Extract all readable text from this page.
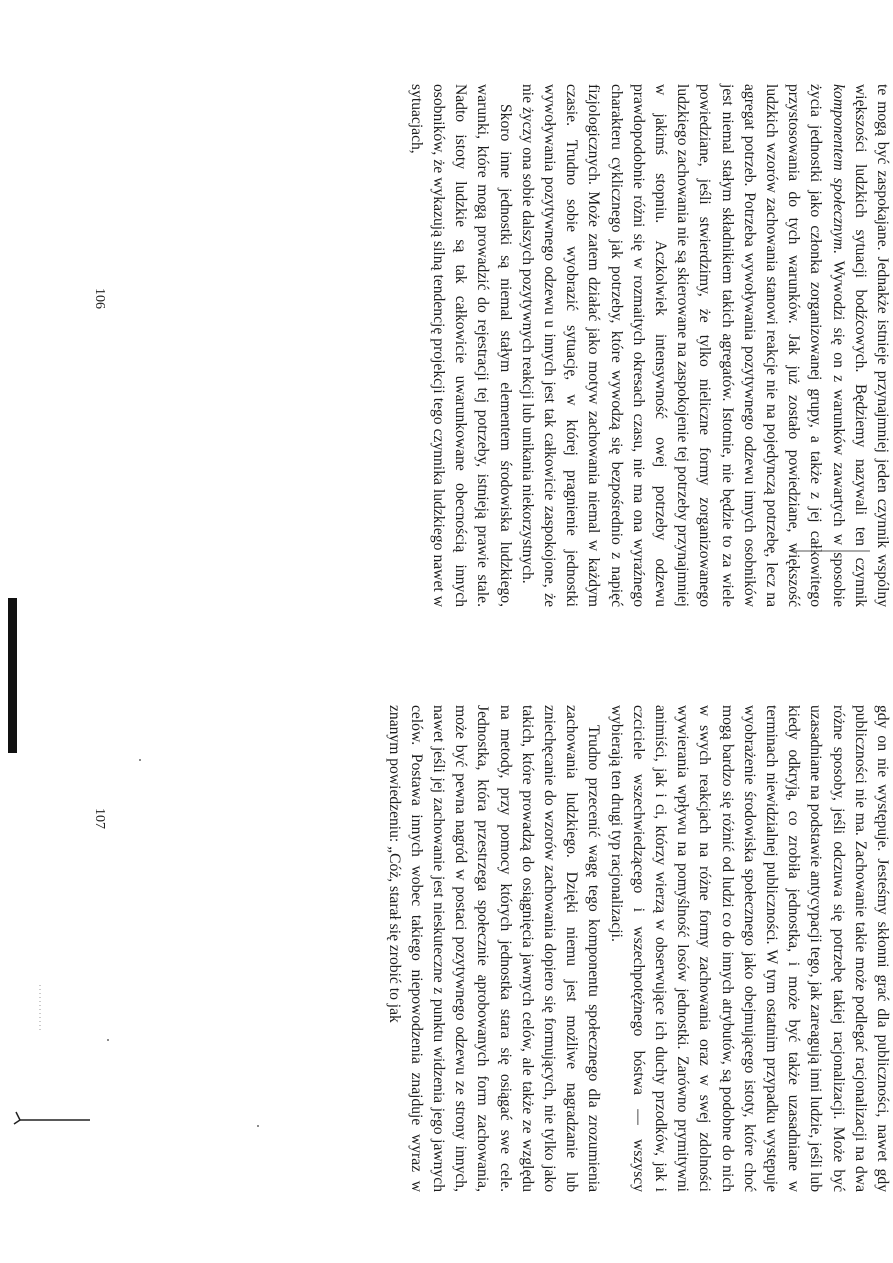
te mogą być zaspokajane. Jednakże istnieje przynajmniej jeden czynnik wspólny większości ludzkich sytuacji bodźcowych. Będziemy nazywali ten czynnik komponentem społecznym. Wywodzi się on z warunków zawartych w sposobie życia jednostki jako członka zorganizowanej grupy, a także z jej całkowitego przystosowania do tych warunków. Jak już zostało powiedziane, większość ludzkich wzorów zachowania stanowi reakcje nie na pojedynczą potrzebę, lecz na agregat potrzeb. Potrzeba wywoływania pozytywnego odzewu innych osobników jest niemal stałym składnikiem takich agregatów. Istotnie, nie będzie to za wiele powiedziane, jeśli stwierdzimy, że tylko nieliczne formy zorganizowanego ludzkiego zachowania nie są skierowane na zaspokojenie tej potrzeby przynajmniej w jakimś stopniu. Aczkolwiek intensywność owej potrzeby odzewu prawdopodobnie różni się w rozmaitych okresach czasu, nie ma ona wyraźnego charakteru cyklicznego jak potrzeby, które wywodzą się bezpośrednio z napięć fizjologicznych. Może zatem działać jako motyw zachowania niemal w każdym czasie. Trudno sobie wyobrazić sytuację, w której pragnienie jednostki wywoływania pozytywnego odzewu u innych jest tak całkowicie zaspokojone, że nie życzy ona sobie dalszych pozytywnych reakcji lub unikania niekorzystnych.

Skoro inne jednostki są niemal stałym elementem środowiska ludzkiego, warunki, które mogą prowadzić do rejestracji tej potrzeby, istnieją prawie stale. Nadto istoty ludzkie są tak całkowicie uwarunkowane obecnością innych osobników, że wykazują silną tendencję projekcji tego czynnika ludzkiego nawet w sytuacjach,

106

gdy on nie występuje. Jesteśmy skłonni grać dla publiczności, nawet gdy publiczności nie ma. Zachowanie takie może podlegać racjonalizacji na dwa różne sposoby, jeśli odczuwa się potrzebę takiej racjonalizacji. Może być uzasadniane na podstawie antycypacji tego, jak zareagują inni ludzie, jeśli lub kiedy odkryją, co zrobiła jednostka, i może być także uzasadniane w terminach niewidzialnej publiczności. W tym ostatnim przypadku występuje wyobrażenie środowiska społecznego jako obejmującego istoty, które choć mogą bardzo się różnić od ludzi co do innych atrybutów, są podobne do nich w swych reakcjach na różne formy zachowania oraz w swej zdolności wywierania wpływu na pomyślność losów jednostki. Zarówno prymitywni animiści, jak i ci, którzy wierzą w obserwujące ich duchy przodków, jak i czciciele wszechwiedzącego i wszechpotężnego bóstwa — wszyscy wybierają ten drugi typ racjonalizacji.

Trudno przecenić wagę tego komponentu społecznego dla zrozumienia zachowania ludzkiego. Dzięki niemu jest możliwe nagradzanie lub zniechęcanie do wzorów zachowania dopiero się formujących, nie tylko jako takich, które prowadzą do osiągnięcia jawnych celów, ale także ze względu na metody, przy pomocy których jednostka stara się osiągać swe cele. Jednostka, która przestrzega społecznie aprobowanych form zachowania, może być pewna nagród w postaci pozytywnego odzewu ze strony innych, nawet jeśli jej zachowanie jest nieskuteczne z punktu widzenia jego jawnych celów. Postawa innych wobec takiego niepowodzenia znajduje wyraz w znanym powiedzeniu: „Cóż, starał się zrobić to jak

107
